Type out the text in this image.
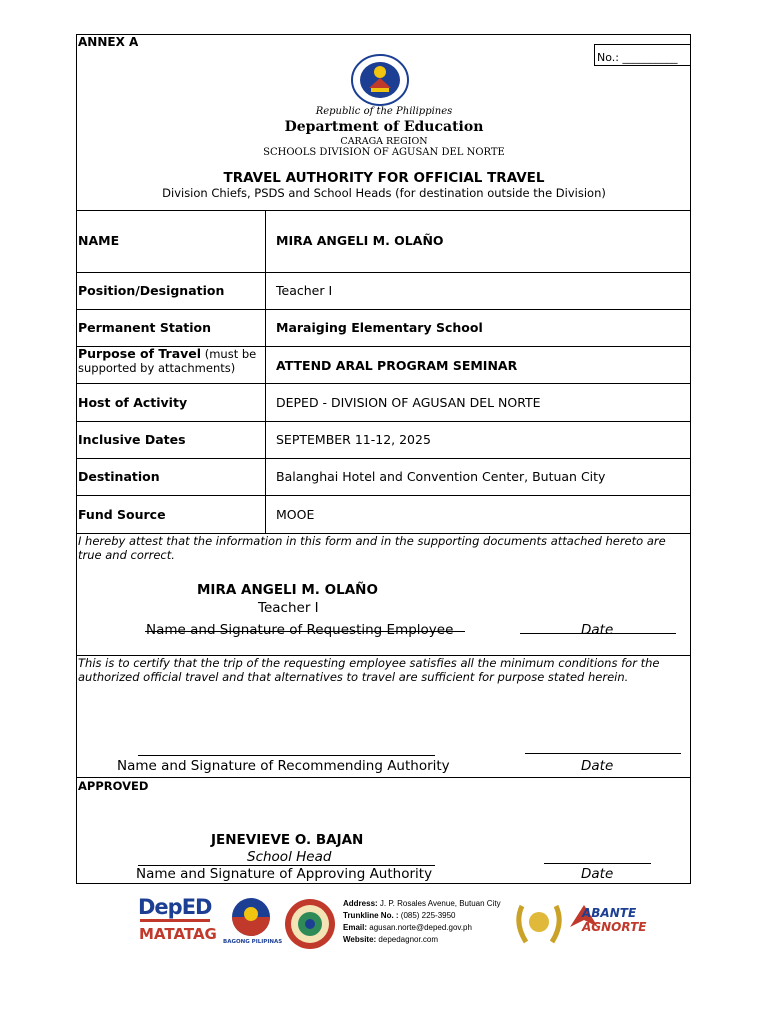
ANNEX A
No.: __________
Republic of the Philippines
Department of Education
CARAGA REGION
SCHOOLS DIVISION OF AGUSAN DEL NORTE
TRAVEL AUTHORITY FOR OFFICIAL TRAVEL
Division Chiefs, PSDS and School Heads (for destination outside the Division)
NAME	MIRA ANGELI M. OLAÑO
Position/Designation	Teacher I
Permanent Station	Maraiging Elementary School
Purpose of Travel (must be
supported by attachments)	ATTEND ARAL PROGRAM SEMINAR
Host of Activity	DEPED - DIVISION OF AGUSAN DEL NORTE
Inclusive Dates	SEPTEMBER 11-12, 2025
Destination	Balanghai Hotel and Convention Center, Butuan City
Fund Source	MOOE
I hereby attest that the information in this form and in the supporting documents attached hereto are
true and correct.
MIRA ANGELI M. OLAÑO
Teacher I
Name and Signature of Requesting Employee	Date
This is to certify that the trip of the requesting employee satisfies all the minimum conditions for the
authorized official travel and that alternatives to travel are sufficient for purpose stated herein.
Name and Signature of Recommending Authority	Date
APPROVED
JENEVIEVE O. BAJAN
School Head
Name and Signature of Approving Authority	Date
DepED
MATATAG BAGONG PILIPINAS
Address: J. P. Rosales Avenue, Butuan City
Trunkline No. : (085) 225-3950
Email: agusan.norte@deped.gov.ph
Website: depedagnor.com
ABANTE
AGNORTE
